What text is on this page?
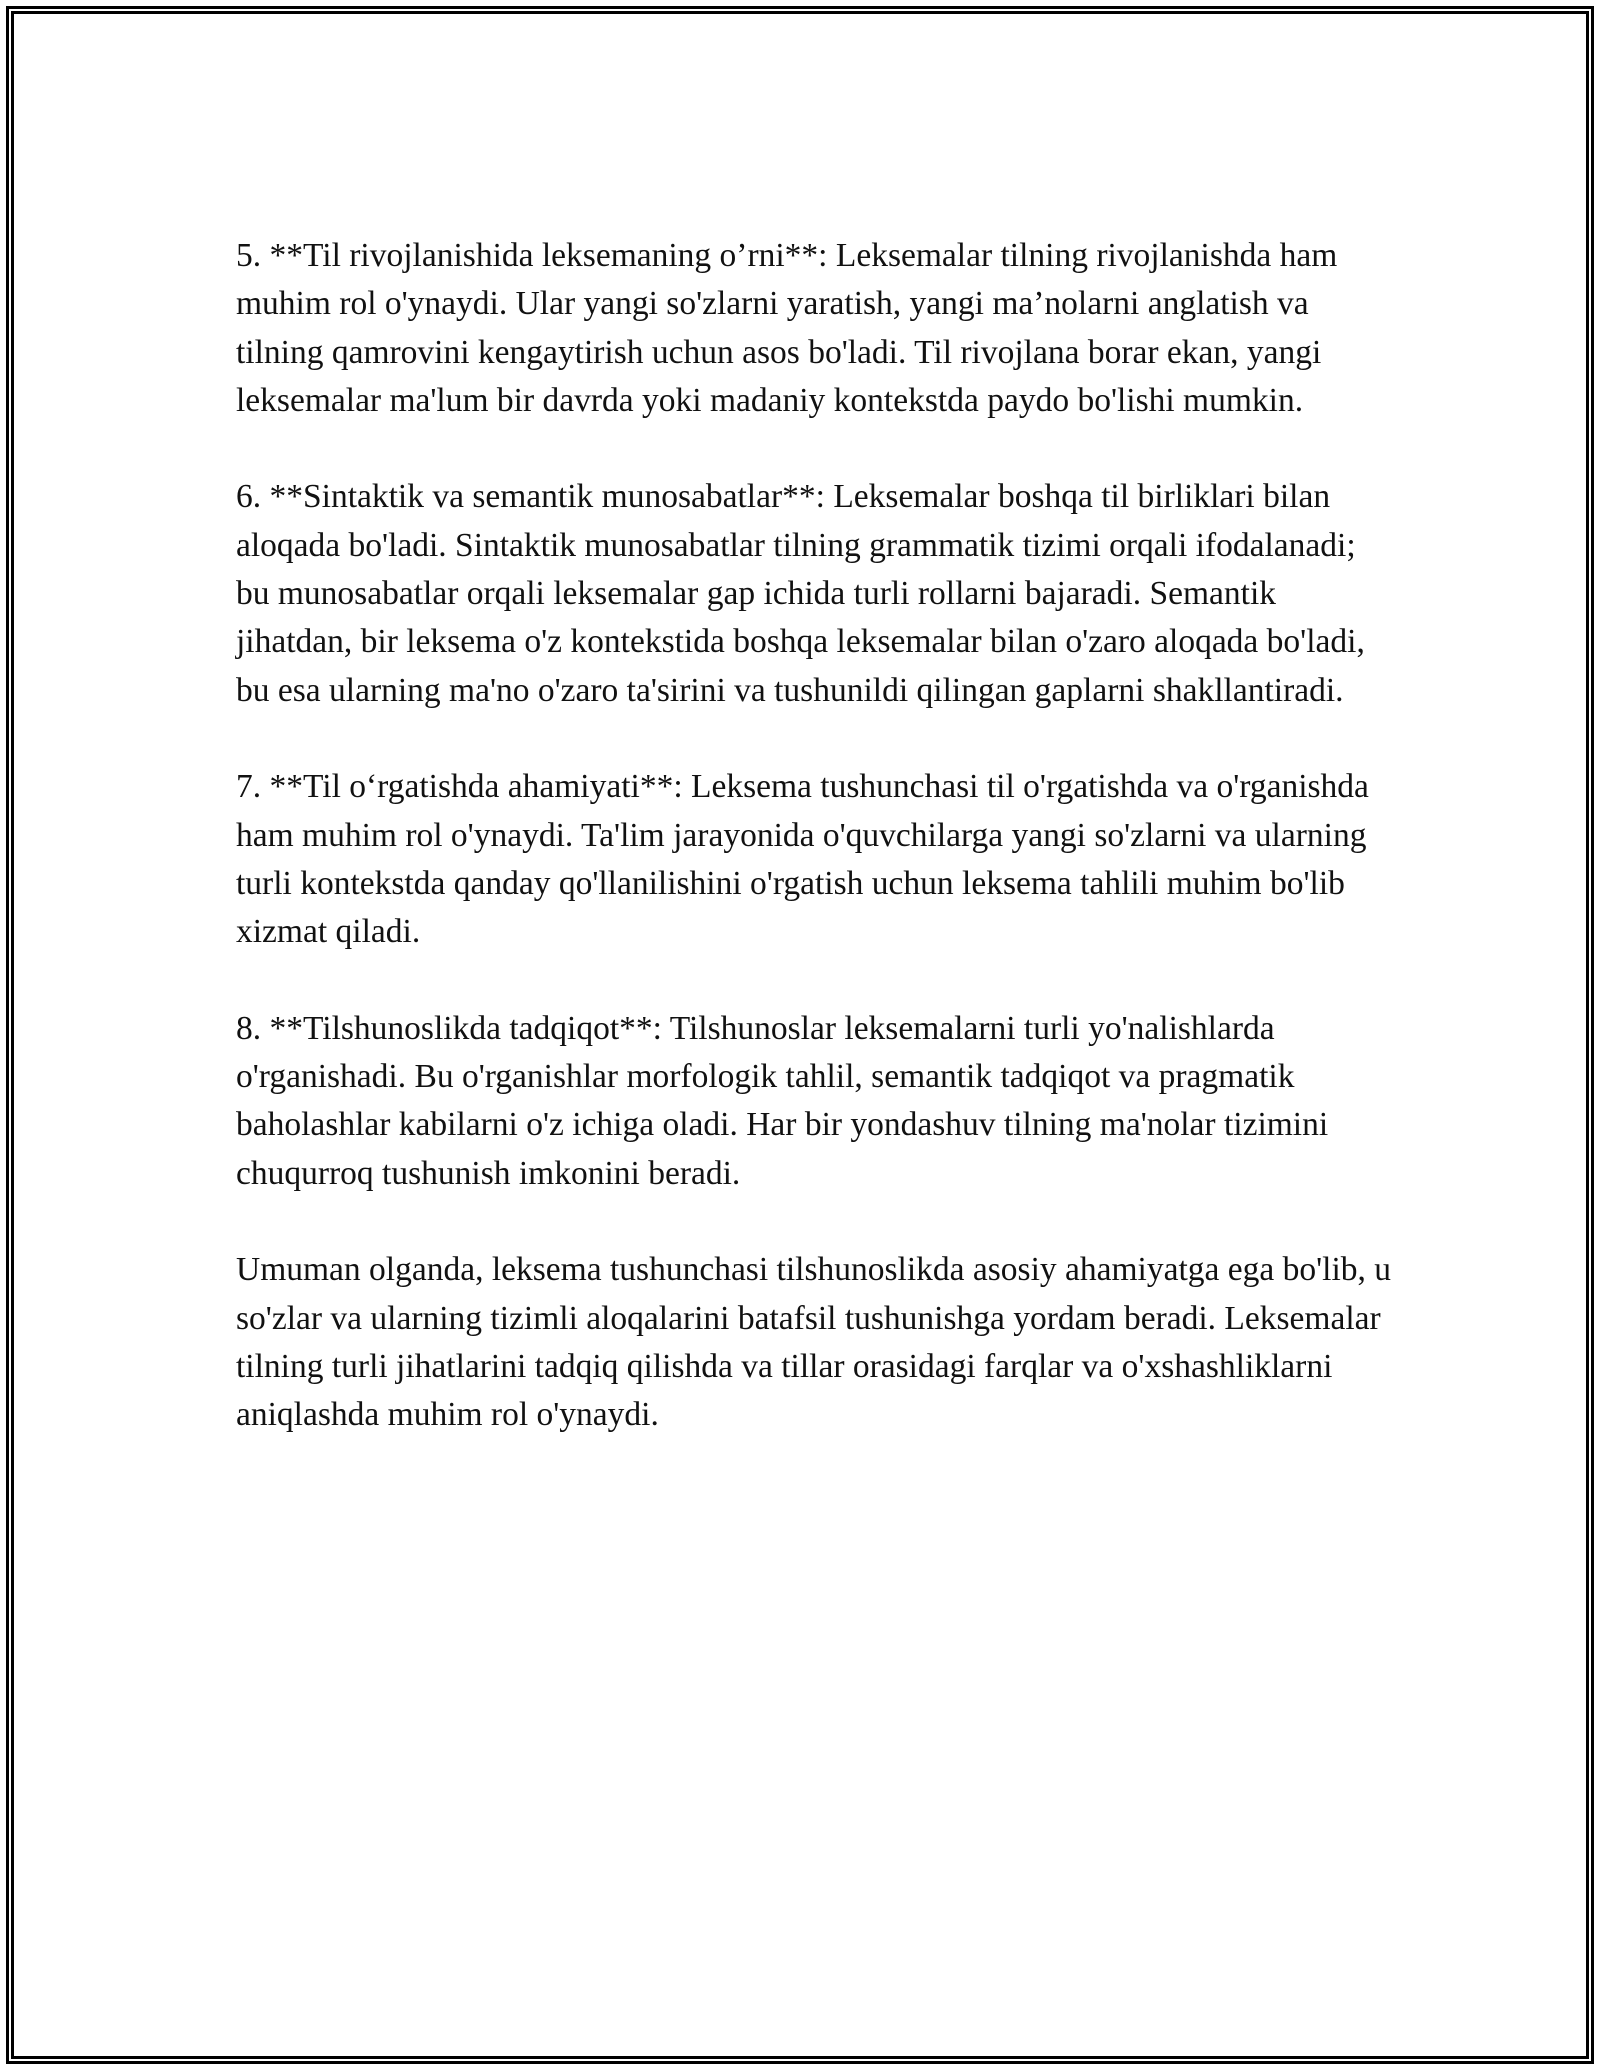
5. **Til rivojlanishida leksemaning o’rni**: Leksemalar tilning rivojlanishda ham muhim rol o'ynaydi. Ular yangi so'zlarni yaratish, yangi ma’nolarni anglatish va tilning qamrovini kengaytirish uchun asos bo'ladi. Til rivojlana borar ekan, yangi leksemalar ma'lum bir davrda yoki madaniy kontekstda paydo bo'lishi mumkin.

6. **Sintaktik va semantik munosabatlar**: Leksemalar boshqa til birliklari bilan aloqada bo'ladi. Sintaktik munosabatlar tilning grammatik tizimi orqali ifodalanadi; bu munosabatlar orqali leksemalar gap ichida turli rollarni bajaradi. Semantik jihatdan, bir leksema o'z kontekstida boshqa leksemalar bilan o'zaro aloqada bo'ladi, bu esa ularning ma'no o'zaro ta'sirini va tushunildi qilingan gaplarni shakllantiradi.

7. **Til o‘rgatishda ahamiyati**: Leksema tushunchasi til o'rgatishda va o'rganishda ham muhim rol o'ynaydi. Ta'lim jarayonida o'quvchilarga yangi so'zlarni va ularning turli kontekstda qanday qo'llanilishini o'rgatish uchun leksema tahlili muhim bo'lib xizmat qiladi.

8. **Tilshunoslikda tadqiqot**: Tilshunoslar leksemalarni turli yo'nalishlarda o'rganishadi. Bu o'rganishlar morfologik tahlil, semantik tadqiqot va pragmatik baholashlar kabilarni o'z ichiga oladi. Har bir yondashuv tilning ma'nolar tizimini chuqurroq tushunish imkonini beradi.

Umuman olganda, leksema tushunchasi tilshunoslikda asosiy ahamiyatga ega bo'lib, u so'zlar va ularning tizimli aloqalarini batafsil tushunishga yordam beradi. Leksemalar tilning turli jihatlarini tadqiq qilishda va tillar orasidagi farqlar va o'xshashliklarni aniqlashda muhim rol o'ynaydi.
